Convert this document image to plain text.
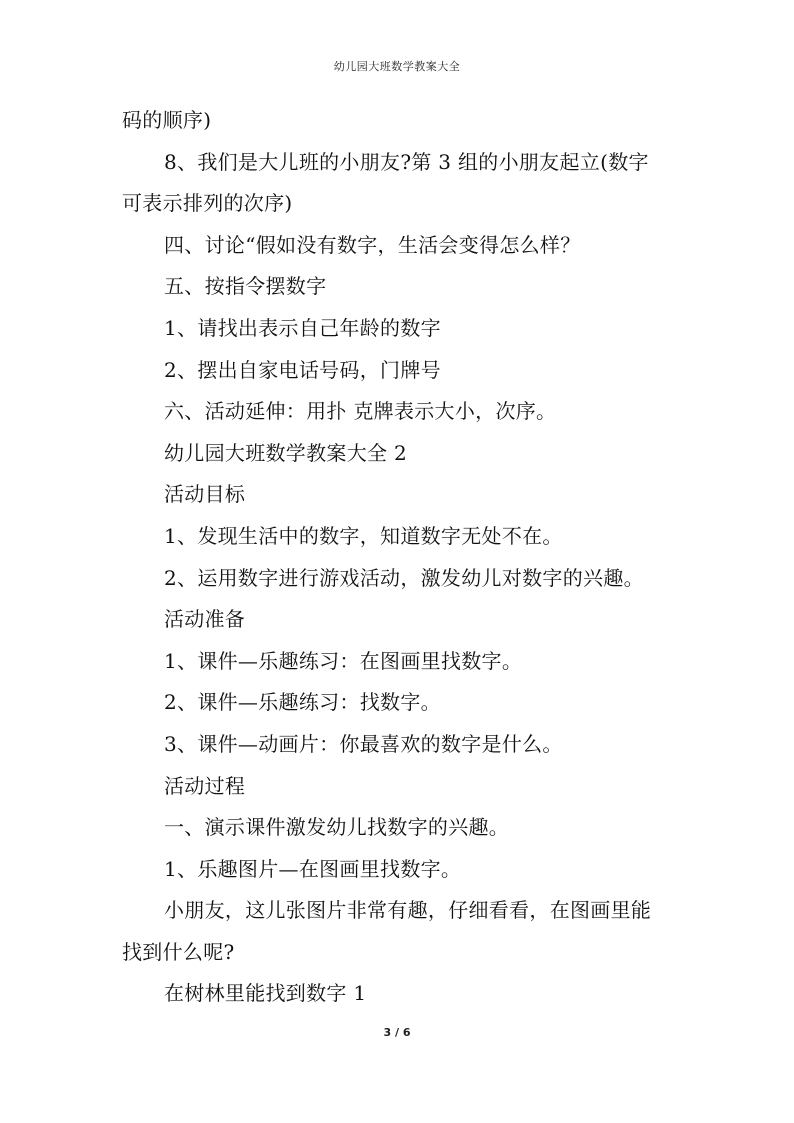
幼儿园大班数学教案大全
码的顺序)
8、我们是大儿班的小朋友?第 3 组的小朋友起立(数字
可表示排列的次序)
四、讨论“假如没有数字，生活会变得怎么样？
五、按指令摆数字
1、请找出表示自己年龄的数字
2、摆出自家电话号码，门牌号
六、活动延伸：用扑 克牌表示大小，次序。
幼儿园大班数学教案大全 2
活动目标
1、发现生活中的数字，知道数字无处不在。
2、运用数字进行游戏活动，激发幼儿对数字的兴趣。
活动准备
1、课件—乐趣练习：在图画里找数字。
2、课件—乐趣练习：找数字。
3、课件—动画片：你最喜欢的数字是什么。
活动过程
一、演示课件激发幼儿找数字的兴趣。
1、乐趣图片—在图画里找数字。
小朋友，这儿张图片非常有趣，仔细看看，在图画里能
找到什么呢?
在树林里能找到数字 1
3 / 6
